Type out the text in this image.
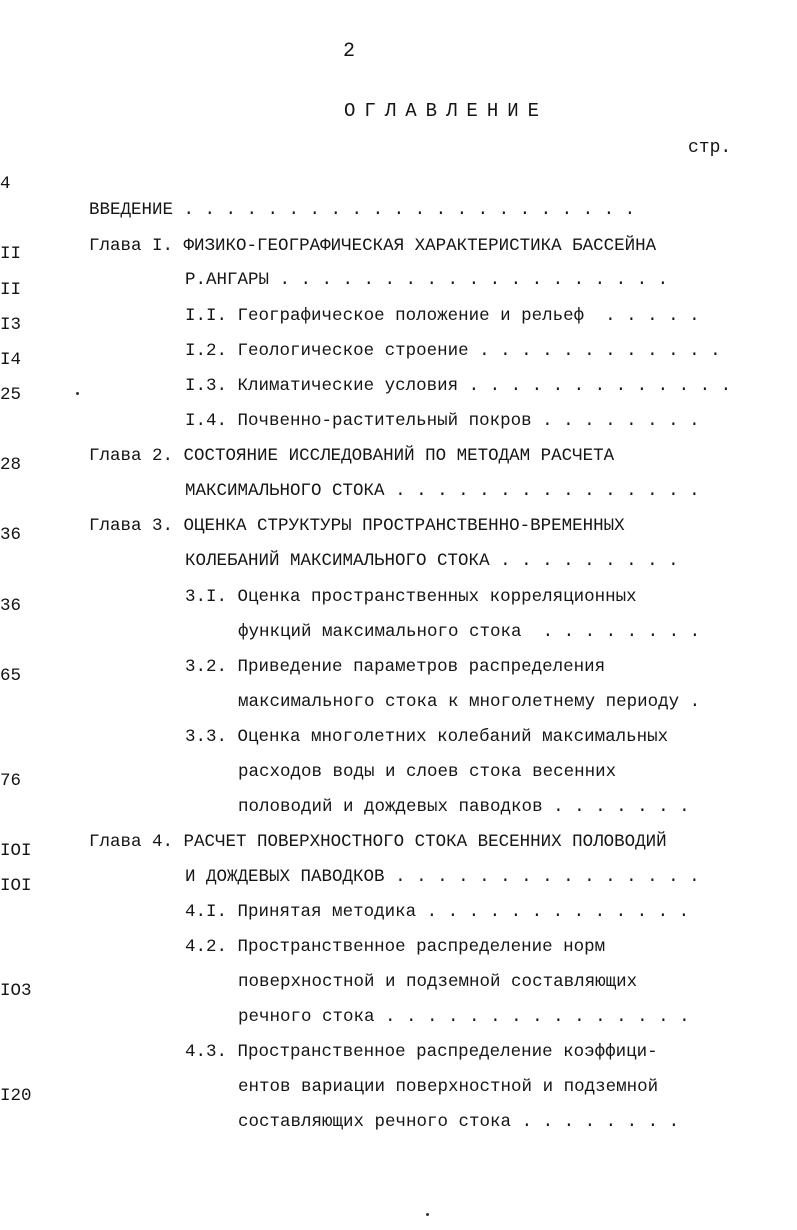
2
ОГЛАВЛЕНИЕ
стр.

ВВЕДЕНИЕ . . . . . . . . . . . . . . . . . . . . . .

4

Глава I. ФИЗИКО-ГЕОГРАФИЧЕСКАЯ ХАРАКТЕРИСТИКА БАССЕЙНА

Р.АНГАРЫ . . . . . . . . . . . . . . . . . . .

II

I.I. Географическое положение и рельеф  . . . . .

II

I.2. Геологическое строение . . . . . . . . . . . .

I3

I.3. Климатические условия . . . . . . . . . . . . .

I4

I.4. Почвенно-растительный покров . . . . . . . .

25

Глава 2. СОСТОЯНИЕ ИССЛЕДОВАНИЙ ПО МЕТОДАМ РАСЧЕТА

МАКСИМАЛЬНОГО СТОКА . . . . . . . . . . . . . . .

28

Глава 3. ОЦЕНКА СТРУКТУРЫ ПРОСТРАНСТВЕННО-ВРЕМЕННЫХ

КОЛЕБАНИЙ МАКСИМАЛЬНОГО СТОКА . . . . . . . . .

36

3.I. Оценка пространственных корреляционных

функций максимального стока  . . . . . . . .

36

3.2. Приведение параметров распределения

максимального стока к многолетнему периоду .

65

3.3. Оценка многолетних колебаний максимальных

расходов воды и слоев стока весенних

половодий и дождевых паводков . . . . . . .

76

Глава 4. РАСЧЕТ ПОВЕРХНОСТНОГО СТОКА ВЕСЕННИХ ПОЛОВОДИЙ

И ДОЖДЕВЫХ ПАВОДКОВ . . . . . . . . . . . . . . .

IOI

4.I. Принятая методика . . . . . . . . . . . . .

IOI

4.2. Пространственное распределение норм

поверхностной и подземной составляющих

речного стока . . . . . . . . . . . . . . .

IO3

4.3. Пространственное распределение коэффици-

ентов вариации поверхностной и подземной

составляющих речного стока . . . . . . . .

I20
